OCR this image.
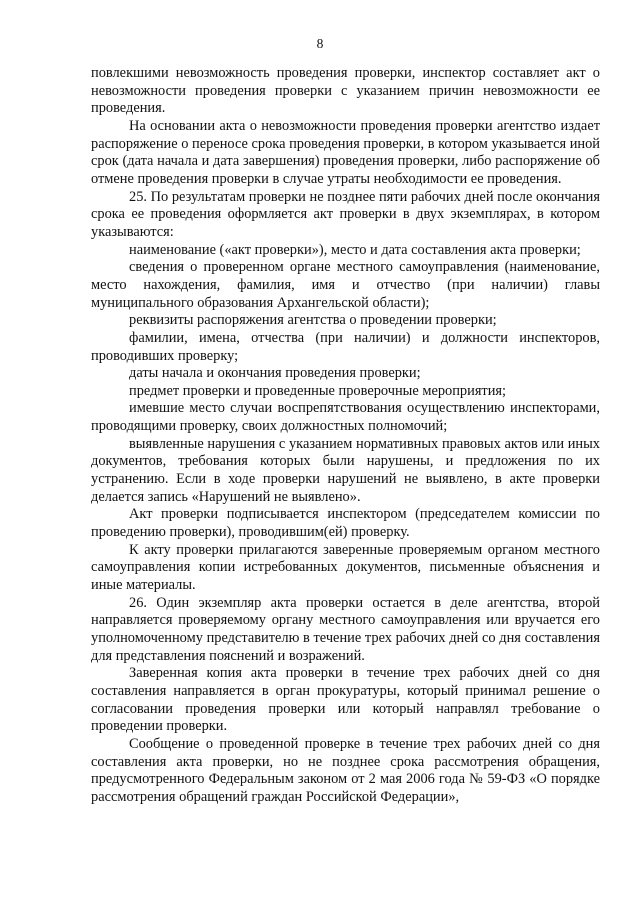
8

повлекшими невозможность проведения проверки, инспектор составляет акт о невозможности проведения проверки с указанием причин невозможности ее проведения.

На основании акта о невозможности проведения проверки агентство издает распоряжение о переносе срока проведения проверки, в котором указывается иной срок (дата начала и дата завершения) проведения проверки, либо распоряжение об отмене проведения проверки в случае утраты необходимости ее проведения.

25. По результатам проверки не позднее пяти рабочих дней после окончания срока ее проведения оформляется акт проверки в двух экземплярах, в котором указываются:

наименование («акт проверки»), место и дата составления акта проверки;

сведения о проверенном органе местного самоуправления (наименование, место нахождения, фамилия, имя и отчество (при наличии) главы муниципального образования Архангельской области);

реквизиты распоряжения агентства о проведении проверки;

фамилии, имена, отчества (при наличии) и должности инспекторов, проводивших проверку;

даты начала и окончания проведения проверки;

предмет проверки и проведенные проверочные мероприятия;

имевшие место случаи воспрепятствования осуществлению инспекторами, проводящими проверку, своих должностных полномочий;

выявленные нарушения с указанием нормативных правовых актов или иных документов, требования которых были нарушены, и предложения по их устранению. Если в ходе проверки нарушений не выявлено, в акте проверки делается запись «Нарушений не выявлено».

Акт проверки подписывается инспектором (председателем комиссии по проведению проверки), проводившим(ей) проверку.

К акту проверки прилагаются заверенные проверяемым органом местного самоуправления копии истребованных документов, письменные объяснения и иные материалы.

26. Один экземпляр акта проверки остается в деле агентства, второй направляется проверяемому органу местного самоуправления или вручается его уполномоченному представителю в течение трех рабочих дней со дня составления для представления пояснений и возражений.

Заверенная копия акта проверки в течение трех рабочих дней со дня составления направляется в орган прокуратуры, который принимал решение о согласовании проведения проверки или который направлял требование о проведении проверки.

Сообщение о проведенной проверке в течение трех рабочих дней со дня составления акта проверки, но не позднее срока рассмотрения обращения, предусмотренного Федеральным законом от 2 мая 2006 года № 59-ФЗ «О порядке рассмотрения обращений граждан Российской Федерации»,
